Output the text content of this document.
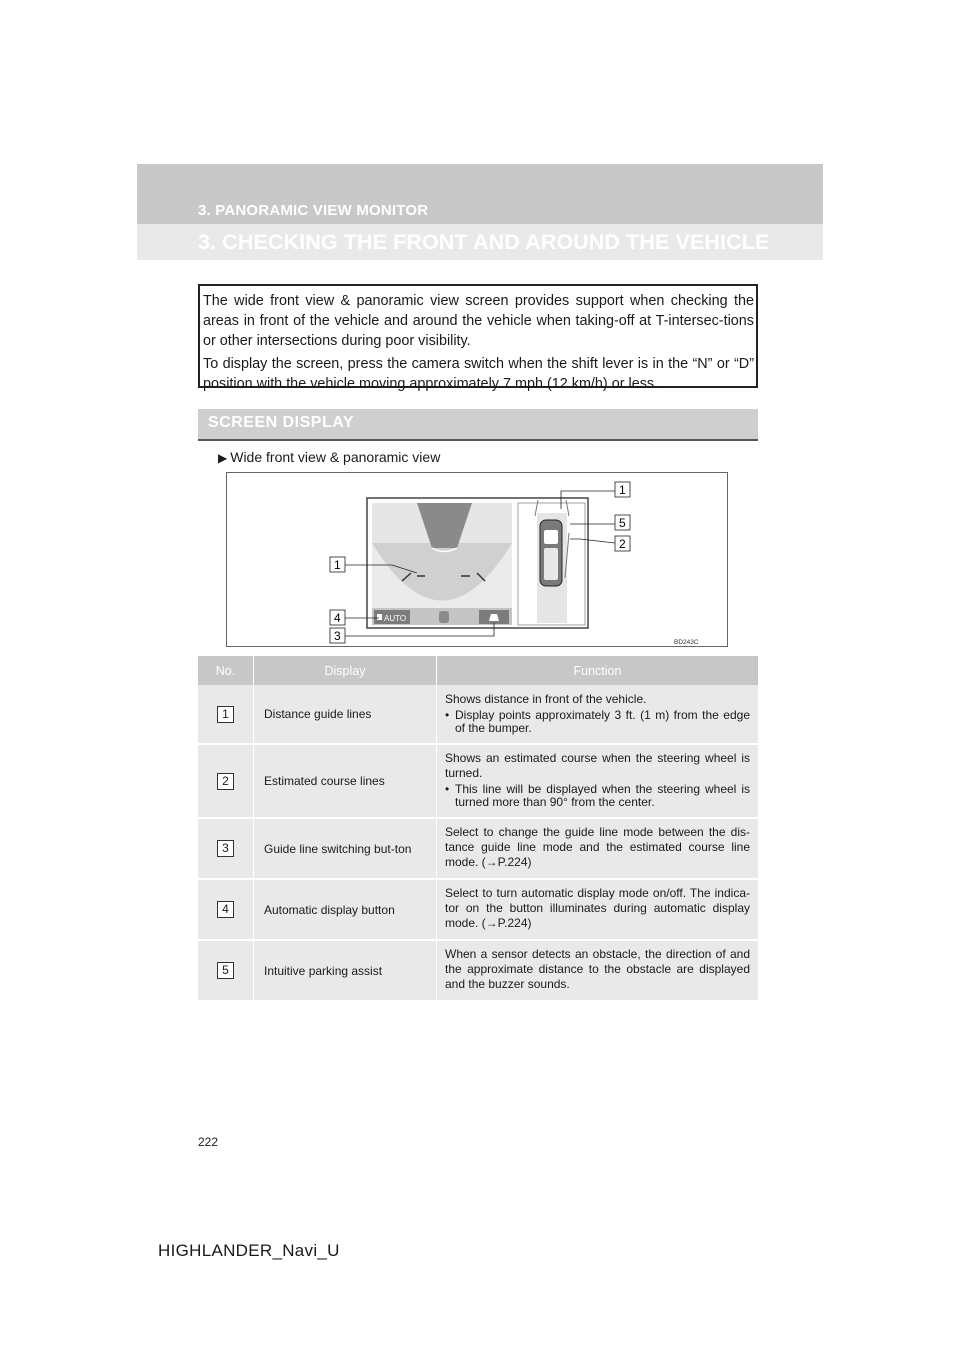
3. PANORAMIC VIEW MONITOR
3. CHECKING THE FRONT AND AROUND THE VEHICLE

The wide front view & panoramic view screen provides support when checking the areas in front of the vehicle and around the vehicle when taking-off at T-intersec-tions or other intersections during poor visibility.

To display the screen, press the camera switch when the shift lever is in the “N” or “D” position with the vehicle moving approximately 7 mph (12 km/h) or less.

SCREEN DISPLAY
▶ Wide front view & panoramic view
AUTO
1
5
2
1
4
3	BD243C
No.	Display	Function
1	Distance guide lines	Shows distance in front of the vehicle.
• Display points approximately 3 ft. (1 m) from the edge of the bumper.

2	Estimated course lines	Shows an estimated course when the steering wheel is turned.
• This line will be displayed when the steering wheel is turned more than 90° from the center.

3	Guide line switching but-ton	Select to change the guide line mode between the dis-tance guide line mode and the estimated course line mode. (→P.224)
4	Automatic display button	Select to turn automatic display mode on/off. The indica-tor on the button illuminates during automatic display mode. (→P.224)
5	Intuitive parking assist	When a sensor detects an obstacle, the direction of and the approximate distance to the obstacle are displayed and the buzzer sounds.
222
HIGHLANDER_Navi_U
